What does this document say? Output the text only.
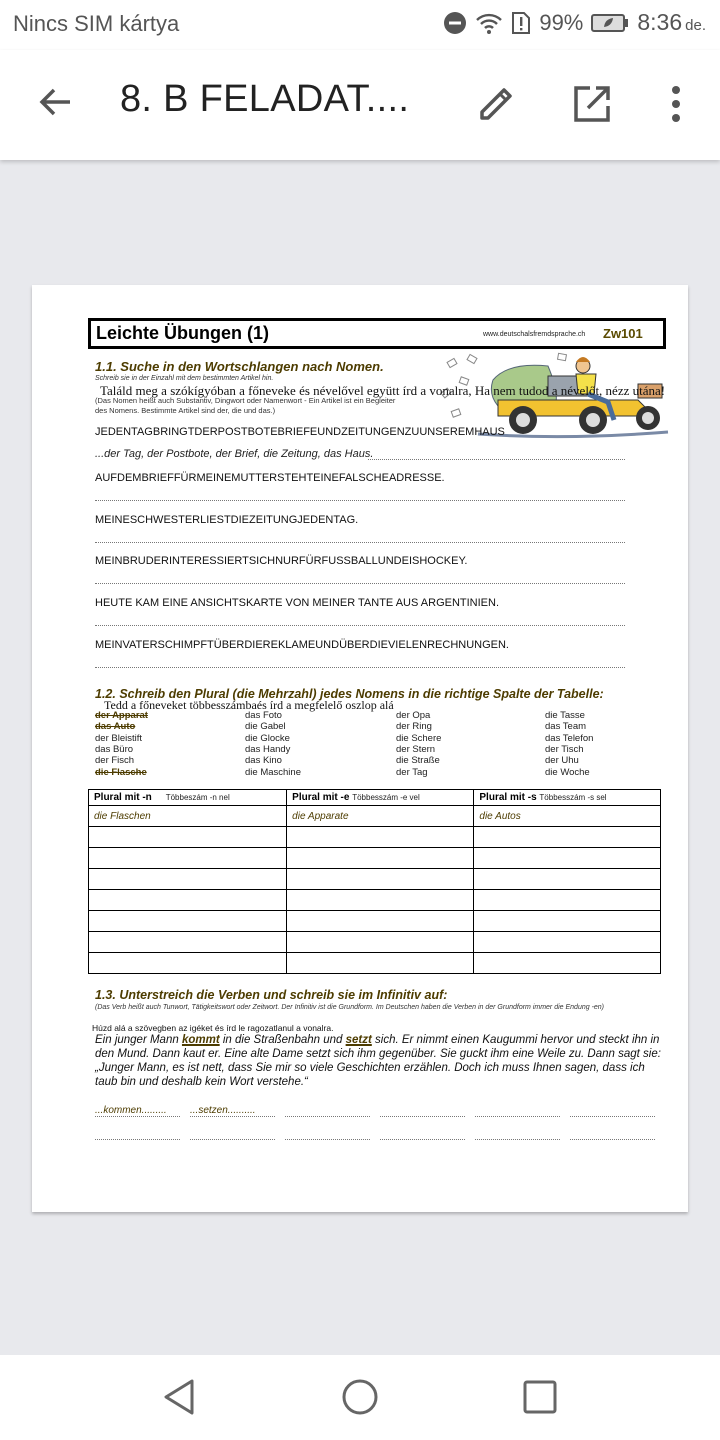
Nincs SIM kártya	99% 8:36 de.
8. B FELADAT....
Leichte Übungen (1)	www.deutschalsfremdsprache.ch Zw101
1.1. Suche in den Wortschlangen nach Nomen.
Schreib sie in der Einzahl mit dem bestimmten Artikel hin.
Találd meg a szókígyóban a főneveke és névelővel együtt írd a vonalra, Ha nem tudod a névelőt, nézz utána!
(Das Nomen heißt auch Substantiv, Dingwort oder Namenwort - Ein Artikel ist ein Begleiter
des Nomens. Bestimmte Artikel sind der, die und das.)
JEDENTAGBRINGTDERPOSTBOTEBRIEFEUNDZEITUNGENZUUNSEREMHAUS
...der Tag, der Postbote, der Brief, die Zeitung, das Haus.
AUFDEMBRIEFFÜRMEINEMUTTERSTEHTEINEFALSCHEADRESSE.
MEINESCHWESTERLIESTDIEZEITUNGJEDENTAG.
MEINBRUDERINTERESSIERTSICHNURFÜRFUSSBALLUNDEISHOCKEY.
HEUTE KAM EINE ANSICHTSKARTE VON MEINER TANTE AUS ARGENTINIEN.
MEINVATERSCHIMPFTÜBERDIEREKLAMEUNDÜBERDIEVIELENRECHNUNGEN.
1.2. Schreib den Plural (die Mehrzahl) jedes Nomens in die richtige Spalte der Tabelle:
Tedd a főneveket többesszámbaés írd a megfelelő oszlop alá
der Apparat	das Foto	der Opa	die Tasse
das Auto	die Gabel	der Ring	das Team
der Bleistift	die Glocke	die Schere	das Telefon
das Büro	das Handy	der Stern	der Tisch
der Fisch	das Kino	die Straße	der Uhu
die Flasche	die Maschine	der Tag	die Woche
Plural mit -n Többeszám -n nel	Plural mit -e Többesszám -e vel	Plural mit -s Többesszám -s sel
die Flaschen	die Apparate	die Autos

1.3. Unterstreich die Verben und schreib sie im Infinitiv auf:
(Das Verb heißt auch Tunwort, Tätigkeitswort oder Zeitwort. Der Infinitiv ist die Grundform. Im Deutschen haben die Verben in der Grundform immer die Endung -en)
Húzd alá a szövegben az igéket és írd le ragozatlanul a vonalra.
Ein junger Mann kommt in die Straßenbahn und setzt sich. Er nimmt einen Kaugummi hervor und steckt ihn in den Mund. Dann kaut er. Eine alte Dame setzt sich ihm gegenüber. Sie guckt ihm eine Weile zu. Dann sagt sie: „Junger Mann, es ist nett, dass Sie mir so viele Geschichten erzählen. Doch ich muss Ihnen sagen, dass ich taub bin und deshalb kein Wort verstehe.“
...kommen.........	...setzen..........
